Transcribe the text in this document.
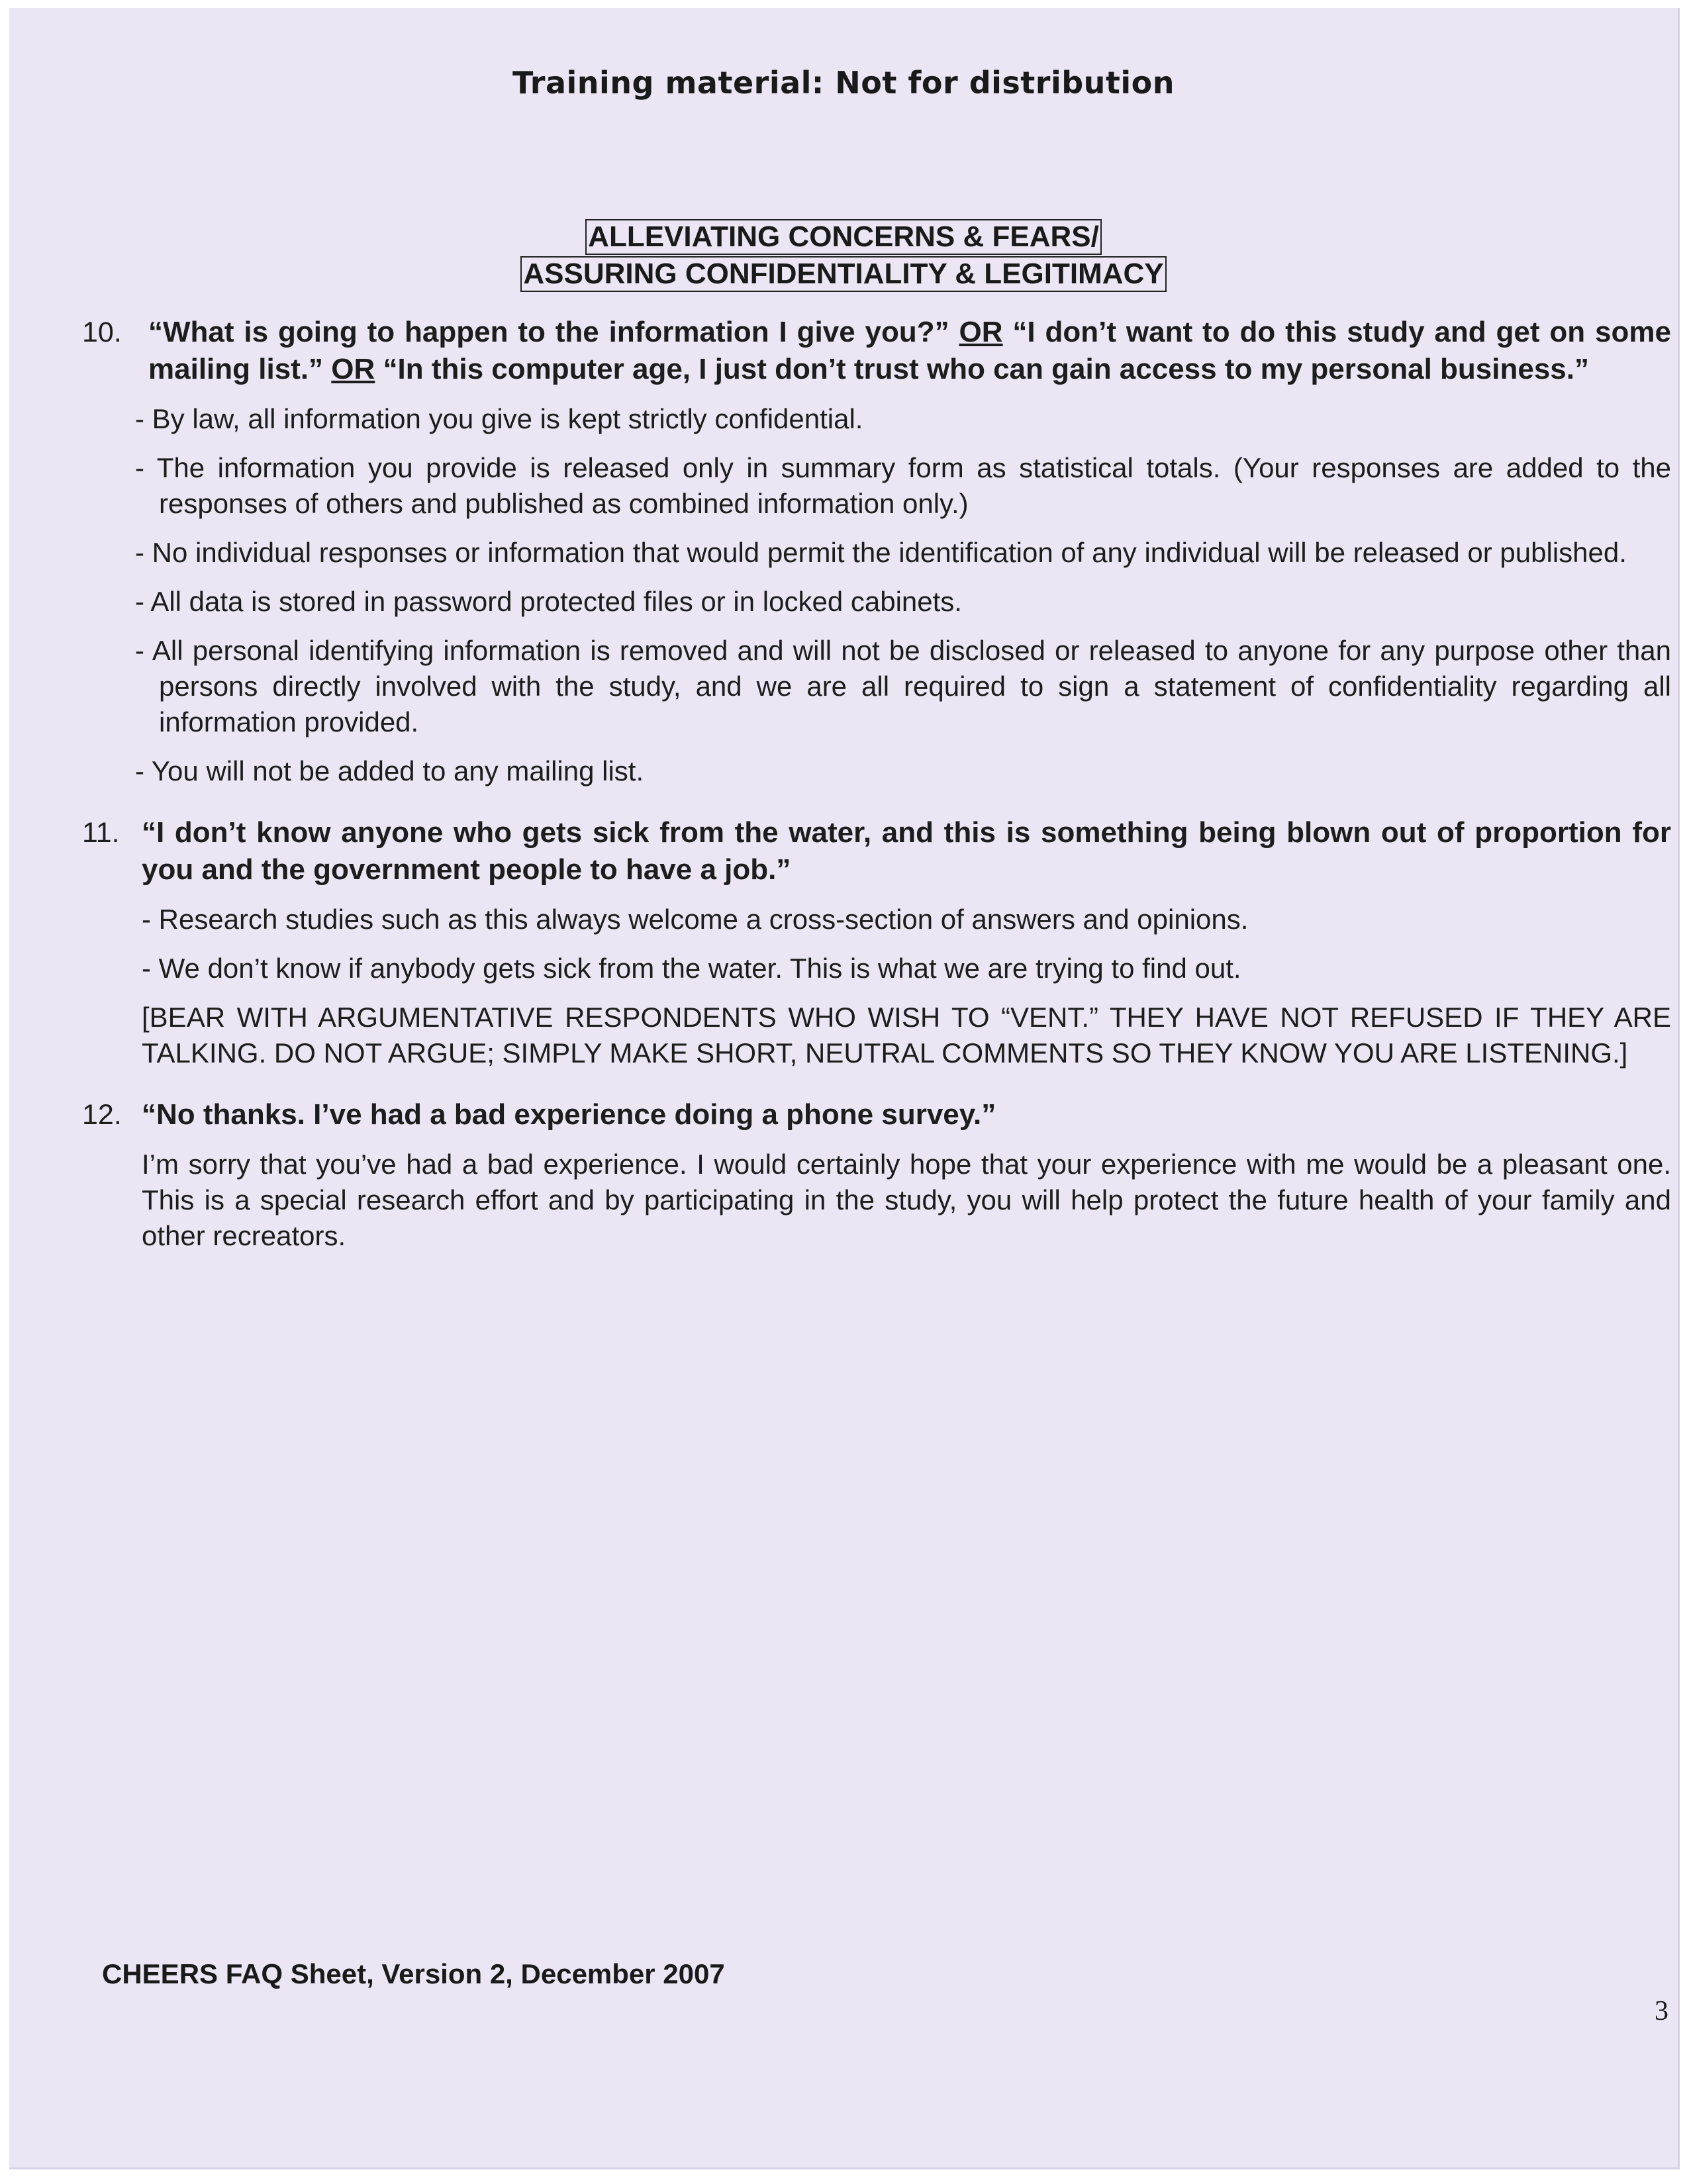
Training material: Not for distribution
ALLEVIATING CONCERNS & FEARS/
ASSURING CONFIDENTIALITY & LEGITIMACY
10. “What is going to happen to the information I give you?” OR “I don’t want to do this study and get on some mailing list.” OR “In this computer age, I just don’t trust who can gain access to my personal business.”
- By law, all information you give is kept strictly confidential.
- The information you provide is released only in summary form as statistical totals. (Your responses are added to the responses of others and published as combined information only.)
- No individual responses or information that would permit the identification of any individual will be released or published.
- All data is stored in password protected files or in locked cabinets.
- All personal identifying information is removed and will not be disclosed or released to anyone for any purpose other than persons directly involved with the study, and we are all required to sign a statement of confidentiality regarding all information provided.
- You will not be added to any mailing list.
11. “I don’t know anyone who gets sick from the water, and this is something being blown out of proportion for you and the government people to have a job.”
- Research studies such as this always welcome a cross-section of answers and opinions.
- We don’t know if anybody gets sick from the water. This is what we are trying to find out.
[BEAR WITH ARGUMENTATIVE RESPONDENTS WHO WISH TO “VENT.” THEY HAVE NOT REFUSED IF THEY ARE TALKING. DO NOT ARGUE; SIMPLY MAKE SHORT, NEUTRAL COMMENTS SO THEY KNOW YOU ARE LISTENING.]
12. “No thanks. I’ve had a bad experience doing a phone survey.”
I’m sorry that you’ve had a bad experience. I would certainly hope that your experience with me would be a pleasant one. This is a special research effort and by participating in the study, you will help protect the future health of your family and other recreators.
CHEERS FAQ Sheet, Version 2, December 2007
3
